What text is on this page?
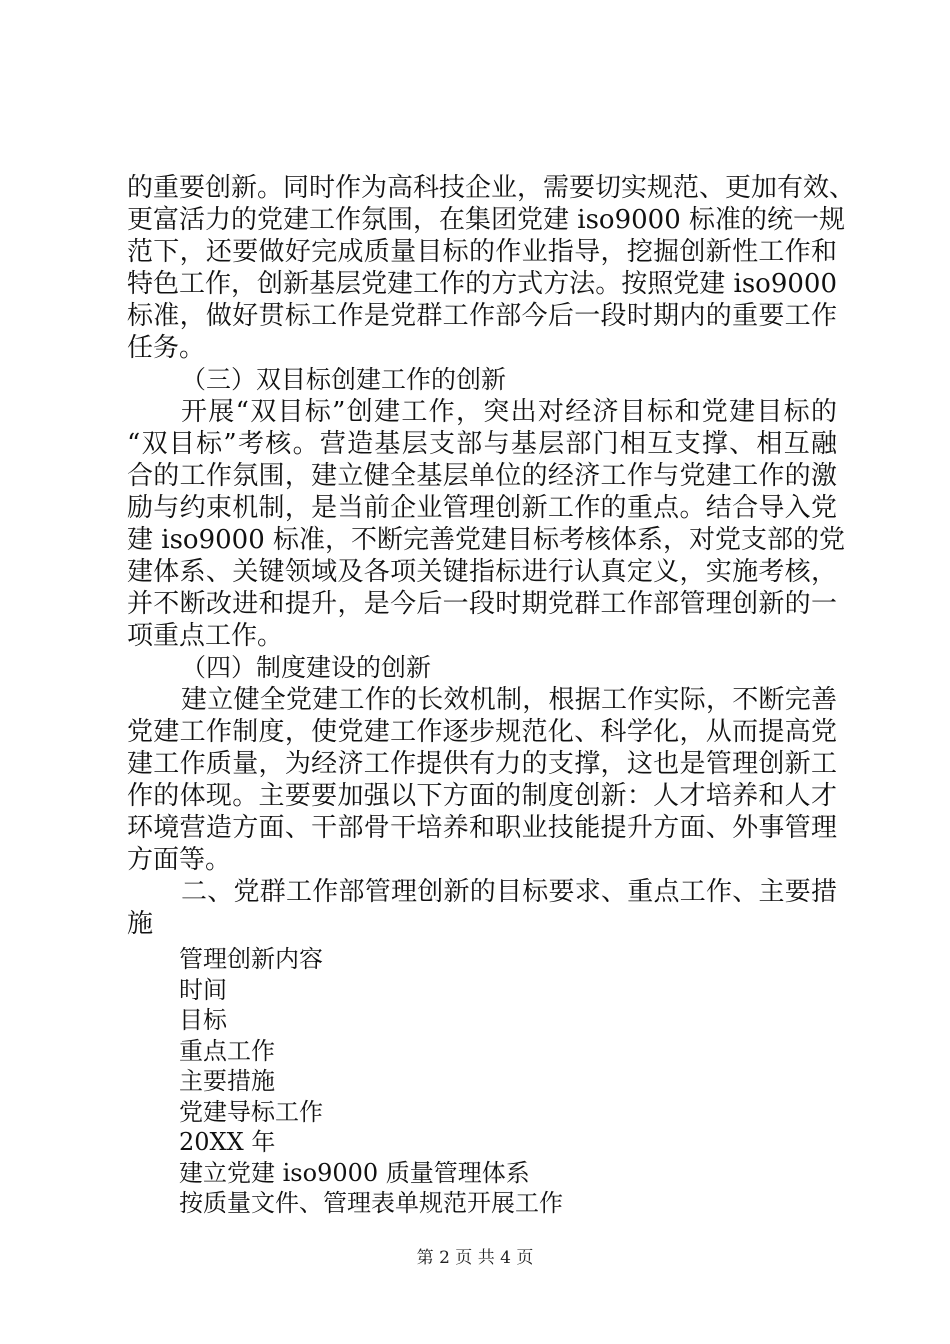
的重要创新。同时作为高科技企业，需要切实规范、更加有效、
更富活力的党建工作氛围，在集团党建 iso9000 标准的统一规
范下，还要做好完成质量目标的作业指导，挖掘创新性工作和
特色工作，创新基层党建工作的方式方法。按照党建 iso9000
标准，做好贯标工作是党群工作部今后一段时期内的重要工作
任务。
（三）双目标创建工作的创新
开展“双目标”创建工作，突出对经济目标和党建目标的
“双目标”考核。营造基层支部与基层部门相互支撑、相互融
合的工作氛围，建立健全基层单位的经济工作与党建工作的激
励与约束机制，是当前企业管理创新工作的重点。结合导入党
建 iso9000 标准，不断完善党建目标考核体系，对党支部的党
建体系、关键领域及各项关键指标进行认真定义，实施考核，
并不断改进和提升，是今后一段时期党群工作部管理创新的一
项重点工作。
（四）制度建设的创新
建立健全党建工作的长效机制，根据工作实际，不断完善
党建工作制度，使党建工作逐步规范化、科学化，从而提高党
建工作质量，为经济工作提供有力的支撑，这也是管理创新工
作的体现。主要要加强以下方面的制度创新：人才培养和人才
环境营造方面、干部骨干培养和职业技能提升方面、外事管理
方面等。
二、党群工作部管理创新的目标要求、重点工作、主要措
施
管理创新内容
时间
目标
重点工作
主要措施
党建导标工作
20XX 年
建立党建 iso9000 质量管理体系
按质量文件、管理表单规范开展工作
第 2 页 共 4 页
